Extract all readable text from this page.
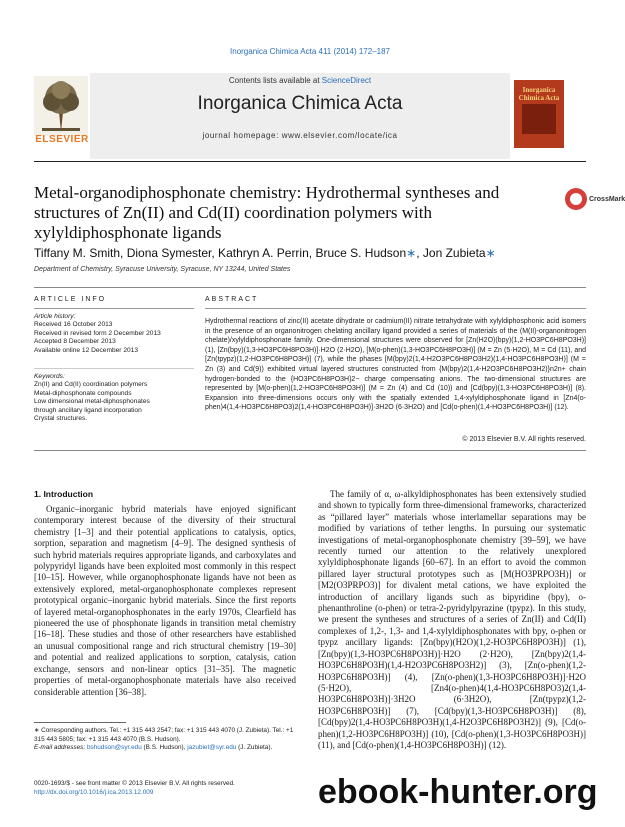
Inorganica Chimica Acta 411 (2014) 172–187
ELSEVIER
Contents lists available at ScienceDirect
Inorganica Chimica Acta
journal homepage: www.elsevier.com/locate/ica
Inorganica Chimica Acta
Metal-organodiphosphonate chemistry: Hydrothermal syntheses and structures of Zn(II) and Cd(II) coordination polymers with xylyldiphosphonate ligands
CrossMark
Tiffany M. Smith, Diona Symester, Kathryn A. Perrin, Bruce S. Hudson∗, Jon Zubieta∗
Department of Chemistry, Syracuse University, Syracuse, NY 13244, United States
ARTICLE INFO
Article history:
Received 16 October 2013
Received in revised form 2 December 2013
Accepted 8 December 2013
Available online 12 December 2013
Keywords:
Zn(II) and Cd(II) coordination polymers
Metal-diphosphonate compounds
Low dimensional metal-diphosphonates
through ancillary ligand incorporation
Crystal structures.
ABSTRACT
Hydrothermal reactions of zinc(II) acetate dihydrate or cadmium(II) nitrate tetrahydrate with xylyldiphosphonic acid isomers in the presence of an organonitrogen chelating ancillary ligand provided a series of materials of the (M(II)-organonitrogen chelate)/xylyldiphosphonate family. One-dimensional structures were observed for [Zn(H2O)(bpy)(1,2-HO3PC6H8PO3H)] (1), [Zn(bpy)(1,3-HO3PC6H8PO3H)]·H2O (2·H2O), [M(o-phen)(1,3-HO3PC6H8PO3H)] (M = Zn (5·H2O), M = Cd (11), and [Zn(tpypz)(1,2-HO3PC6H8PO3H)] (7), while the phases [M(bpy)2(1,4-H2O3PC6H8PO3H2)(1,4-HO3PC6H8PO3H)] (M = Zn (3) and Cd(9)) exhibited virtual layered structures constructed from {M(bpy)2(1,4-H2O3PC6H8PO3H2)}n2n+ chain hydrogen-bonded to the {HO3PC6H8PO3H}2− charge compensating anions. The two-dimensional structures are represented by [M(o-phen)(1,2-HO3PC6H8PO3H)] (M = Zn (4) and Cd (10)) and [Cd(bpy)(1,3-HO3PC6H8PO3H)] (8). Expansion into three-dimensions occurs only with the spatially extended 1,4-xylyldiphosphonate ligand in [Zn4(o-phen)4(1,4-HO3PC6H8PO3)2(1,4-HO3PC6H8PO3H)]·3H2O (6·3H2O) and [Cd(o-phen)(1,4-HO3PC6H8PO3H)] (12).
© 2013 Elsevier B.V. All rights reserved.
1. Introduction

Organic–inorganic hybrid materials have enjoyed significant contemporary interest because of the diversity of their structural chemistry [1–3] and their potential applications to catalysis, optics, sorption, separation and magnetism [4–9]. The designed synthesis of such hybrid materials requires appropriate ligands, and carboxylates and polypyridyl ligands have been exploited most commonly in this respect [10–15]. However, while organophosphonate ligands have not been as extensively explored, metal-organophosphonate complexes represent prototypical organic–inorganic hybrid materials. Since the first reports of layered metal-organophosphonates in the early 1970s, Clearfield has pioneered the use of phosphonate ligands in transition metal chemistry [16–18]. These studies and those of other researchers have established an unusual compositional range and rich structural chemistry [19–30] and potential and realized applications to sorption, catalysis, cation exchange, sensors and non-linear optics [31–35]. The magnetic properties of metal-organophosphonate materials have also received considerable attention [36–38].

The family of α, ω-alkyldiphosphonates has been extensively studied and shown to typically form three-dimensional frameworks, characterized as “pillared layer” materials whose interlamellar separations may be modified by variations of tether lengths. In pursuing our systematic investigations of metal-organophosphonate chemistry [39–59], we have recently turned our attention to the relatively unexplored xylyldiphosphonate ligands [60–67]. In an effort to avoid the common pillared layer structural prototypes such as [M(HO3PRPO3H)] or [M2(O3PRPO3)] for divalent metal cations, we have exploited the introduction of ancillary ligands such as bipyridine (bpy), o-phenanthroline (o-phen) or tetra-2-pyridylpyrazine (tpypz). In this study, we present the syntheses and structures of a series of Zn(II) and Cd(II) complexes of 1,2-, 1,3- and 1,4-xylyldiphosphonates with bpy, o-phen or tpypz ancillary ligands: [Zn(bpy)(H2O)(1,2-HO3PC6H8PO3H)] (1), [Zn(bpy)(1,3-HO3PC6H8PO3H)]·H2O (2·H2O), [Zn(bpy)2(1,4-HO3PC6H8PO3H)(1,4-H2O3PC6H8PO3H2)] (3), [Zn(o-phen)(1,2-HO3PC6H8PO3H)] (4), [Zn(o-phen)(1,3-HO3PC6H8PO3H)]·H2O (5·H2O), [Zn4(o-phen)4(1,4-HO3PC6H8PO3)2(1,4-HO3PC6H8PO3H)]·3H2O (6·3H2O), [Zn(tpypz)(1,2-HO3PC6H8PO3H)] (7), [Cd(bpy)(1,3-HO3PC6H8PO3H)] (8), [Cd(bpy)2(1,4-HO3PC6H8PO3H)(1,4-H2O3PC6H8PO3H2)] (9), [Cd(o-phen)(1,2-HO3PC6H8PO3H)] (10), [Cd(o-phen)(1,3-HO3PC6H8PO3H)] (11), and [Cd(o-phen)(1,4-HO3PC6H8PO3H)] (12).

∗ Corresponding authors. Tel.: +1 315 443 2547; fax: +1 315 443 4070 (J. Zubieta). Tel.: +1 315 443 5805; fax: +1 315 443 4070 (B.S. Hudson).
E-mail addresses: bshudson@syr.edu (B.S. Hudson), jazubiet@syr.edu (J. Zubieta).
0020-1693/$ - see front matter © 2013 Elsevier B.V. All rights reserved.
http://dx.doi.org/10.1016/j.ica.2013.12.009	ebook-hunter.org
